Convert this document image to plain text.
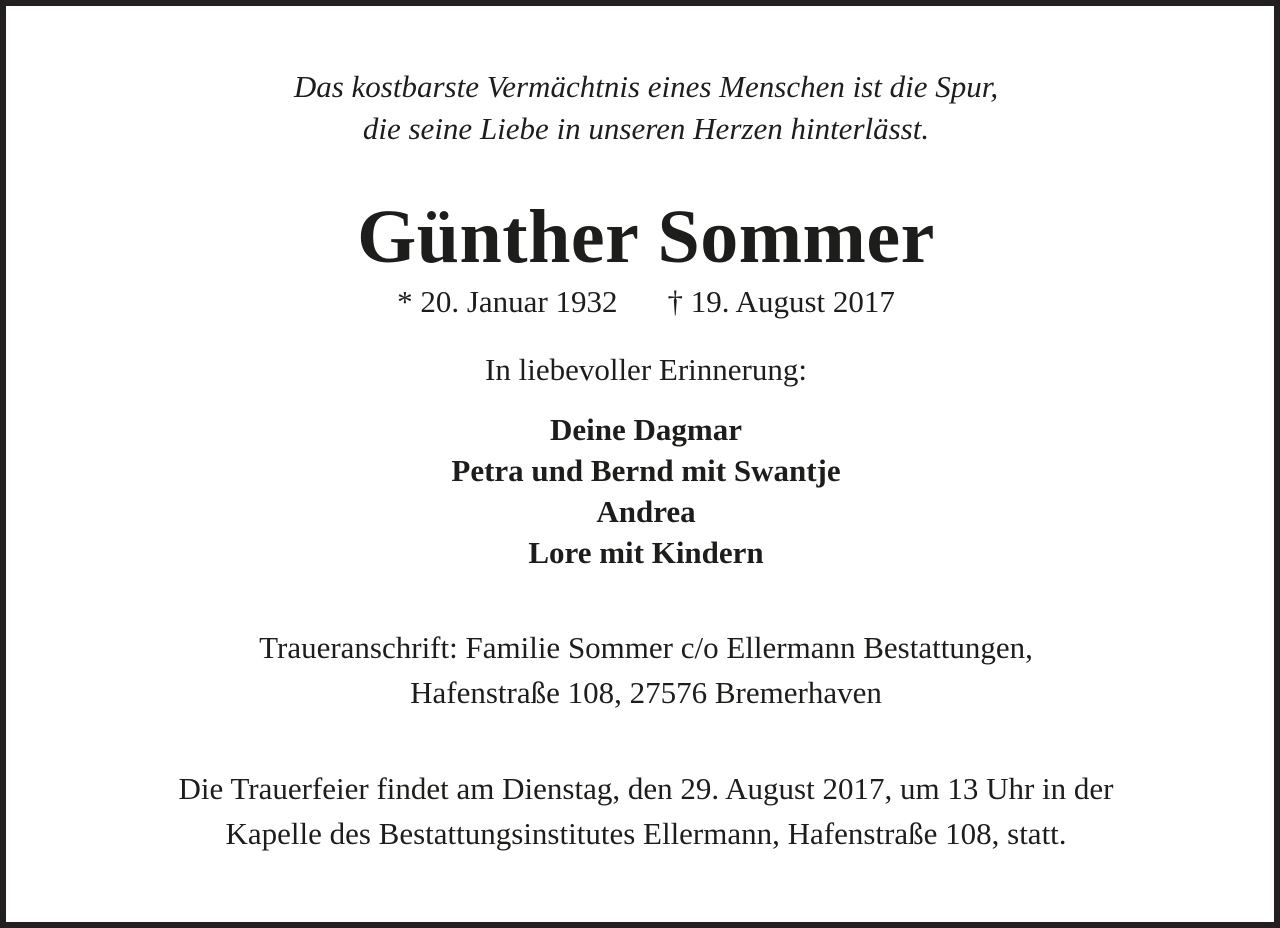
Das kostbarste Vermächtnis eines Menschen ist die Spur,
die seine Liebe in unseren Herzen hinterlässt.
Günther Sommer
* 20. Januar 1932 † 19. August 2017
In liebevoller Erinnerung:
Deine Dagmar
Petra und Bernd mit Swantje
Andrea
Lore mit Kindern
Traueranschrift: Familie Sommer c/o Ellermann Bestattungen,
Hafenstraße 108, 27576 Bremerhaven
Die Trauerfeier findet am Dienstag, den 29. August 2017, um 13 Uhr in der
Kapelle des Bestattungsinstitutes Ellermann, Hafenstraße 108, statt.
